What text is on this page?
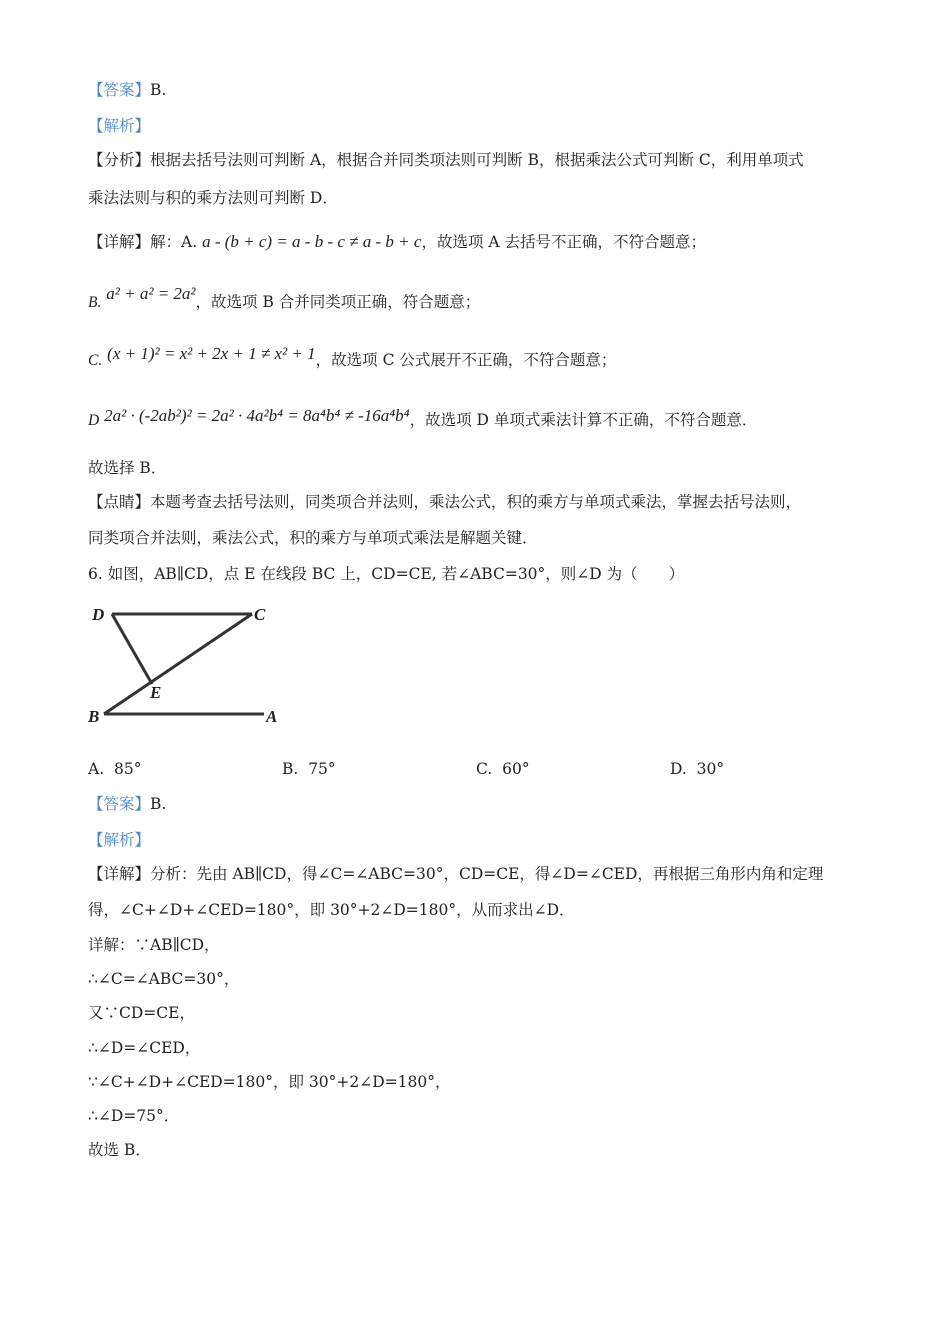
【答案】B.
【解析】
【分析】根据去括号法则可判断 A，根据合并同类项法则可判断 B，根据乘法公式可判断 C，利用单项式
乘法法则与积的乘方法则可判断 D．
【详解】解：A. a - (b + c) = a - b - c ≠ a - b + c，故选项 A 去括号不正确，不符合题意；
B. a² + a² = 2a²，故选项 B 合并同类项正确，符合题意；
C. (x + 1)² = x² + 2x + 1 ≠ x² + 1，故选项 C 公式展开不正确，不符合题意；
D 2a² · (-2ab²)² = 2a² · 4a²b⁴ = 8a⁴b⁴ ≠ -16a⁴b⁴，故选项 D 单项式乘法计算不正确，不符合题意．
故选择 B．
【点睛】本题考查去括号法则，同类项合并法则，乘法公式，积的乘方与单项式乘法，掌握去括号法则，
同类项合并法则，乘法公式，积的乘方与单项式乘法是解题关键．
6. 如图，AB∥CD，点 E 在线段 BC 上，CD=CE, 若∠ABC=30°，则∠D 为（　　）
D	C
E
B	A
A. 85°	B. 75°	C. 60°	D. 30°
【答案】B.
【解析】
【详解】分析：先由 AB∥CD，得∠C=∠ABC=30°，CD=CE，得∠D=∠CED，再根据三角形内角和定理
得，∠C+∠D+∠CED=180°，即 30°+2∠D=180°，从而求出∠D．
详解：∵AB∥CD，
∴∠C=∠ABC=30°，
又∵CD=CE，
∴∠D=∠CED，
∵∠C+∠D+∠CED=180°，即 30°+2∠D=180°，
∴∠D=75°．
故选 B．
